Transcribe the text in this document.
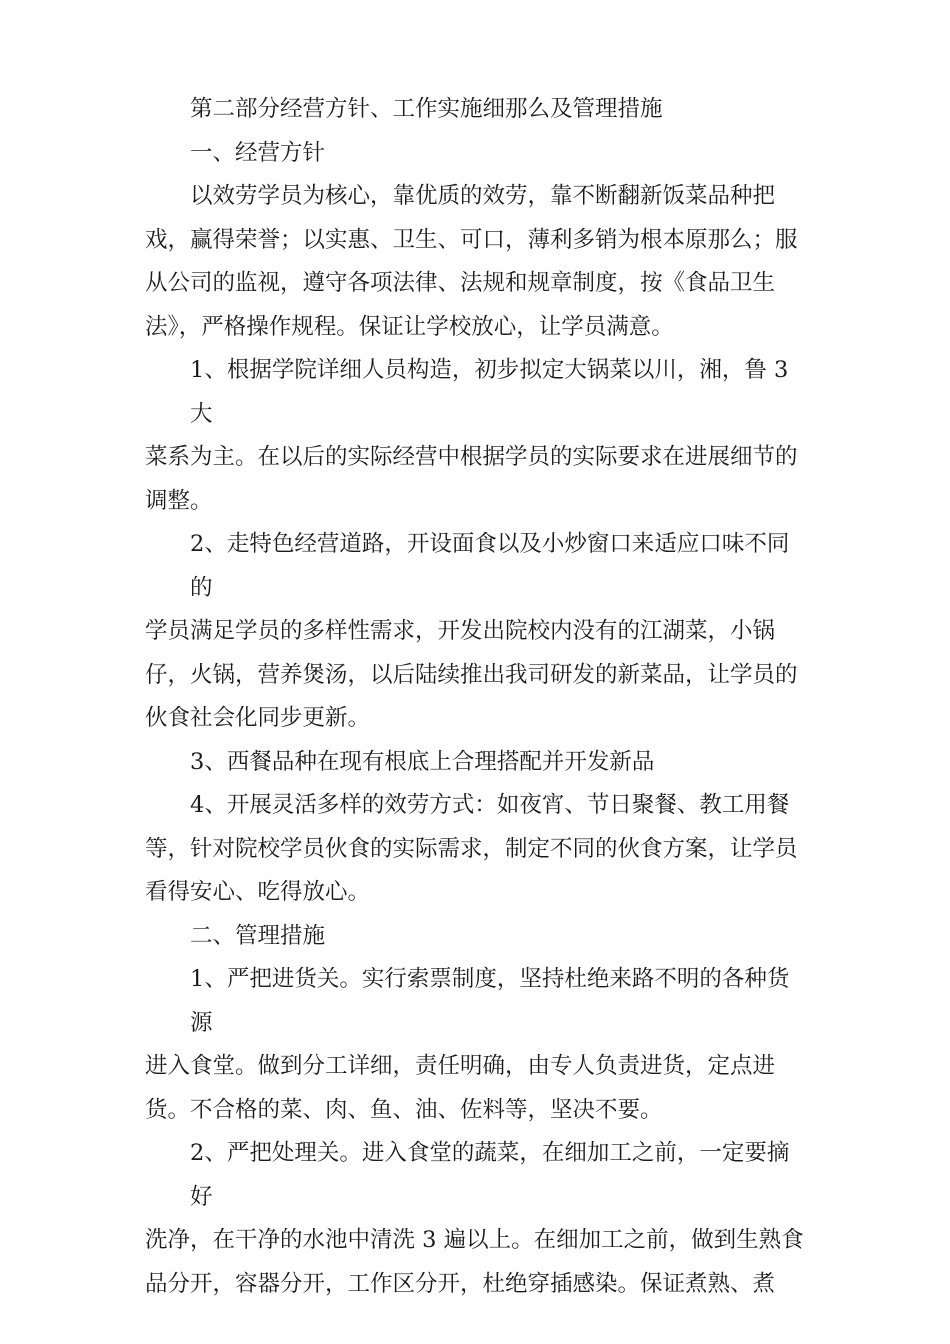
第二部分经营方针、工作实施细那么及管理措施
一、经营方针
以效劳学员为核心，靠优质的效劳，靠不断翻新饭菜品种把
戏，赢得荣誉；以实惠、卫生、可口，薄利多销为根本原那么；服
从公司的监视，遵守各项法律、法规和规章制度，按《食品卫生
法》，严格操作规程。保证让学校放心，让学员满意。
1、根据学院详细人员构造，初步拟定大锅菜以川，湘，鲁 3 大
菜系为主。在以后的实际经营中根据学员的实际要求在进展细节的
调整。
2、走特色经营道路，开设面食以及小炒窗口来适应口味不同的
学员满足学员的多样性需求，开发出院校内没有的江湖菜，小锅
仔，火锅，营养煲汤，以后陆续推出我司研发的新菜品，让学员的
伙食社会化同步更新。
3、西餐品种在现有根底上合理搭配并开发新品
4、开展灵活多样的效劳方式：如夜宵、节日聚餐、教工用餐
等，针对院校学员伙食的实际需求，制定不同的伙食方案，让学员
看得安心、吃得放心。
二、管理措施
1、严把进货关。实行索票制度，坚持杜绝来路不明的各种货源
进入食堂。做到分工详细，责任明确，由专人负责进货，定点进
货。不合格的菜、肉、鱼、油、佐料等，坚决不要。
2、严把处理关。进入食堂的蔬菜，在细加工之前，一定要摘好
洗净，在干净的水池中清洗 3 遍以上。在细加工之前，做到生熟食
品分开，容器分开，工作区分开，杜绝穿插感染。保证煮熟、煮
